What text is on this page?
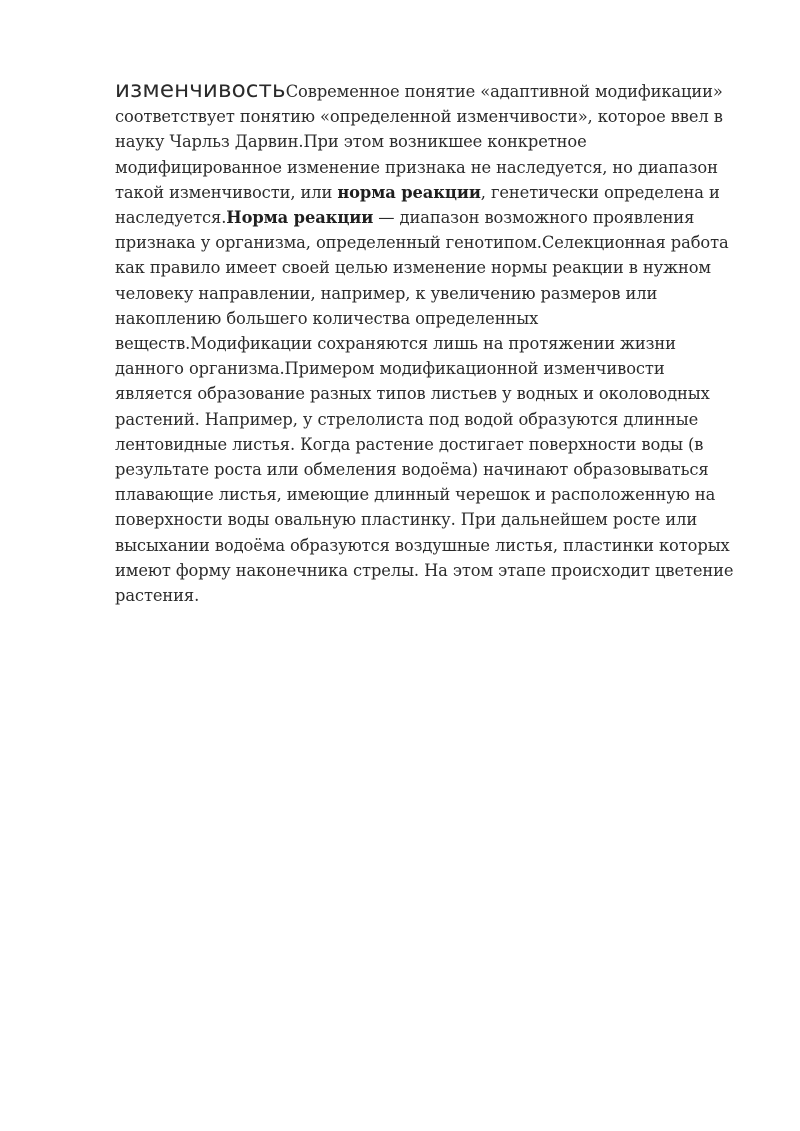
изменчивостьСовременное понятие «адаптивной модификации» соответствует понятию «определенной изменчивости», которое ввел в науку Чарльз Дарвин.При этом возникшее конкретное модифицированное изменение признака не наследуется, но диапазон такой изменчивости, или норма реакции, генетически определена и наследуется.Норма реакции — диапазон возможного проявления признака у организма, определенный генотипом.Селекционная работа как правило имеет своей целью изменение нормы реакции в нужном человеку направлении, например, к увеличению размеров или накоплению большего количества определенных веществ.Модификации сохраняются лишь на протяжении жизни данного организма.Примером модификационной изменчивости является образование разных типов листьев у водных и околоводных растений. Например, у стрелолиста под водой образуются длинные лентовидные листья. Когда растение достигает поверхности воды (в результате роста или обмеления водоёма) начинают образовываться плавающие листья, имеющие длинный черешок и расположенную на поверхности воды овальную пластинку. При дальнейшем росте или высыхании водоёма образуются воздушные листья, пластинки которых имеют форму наконечника стрелы. На этом этапе происходит цветение растения.
